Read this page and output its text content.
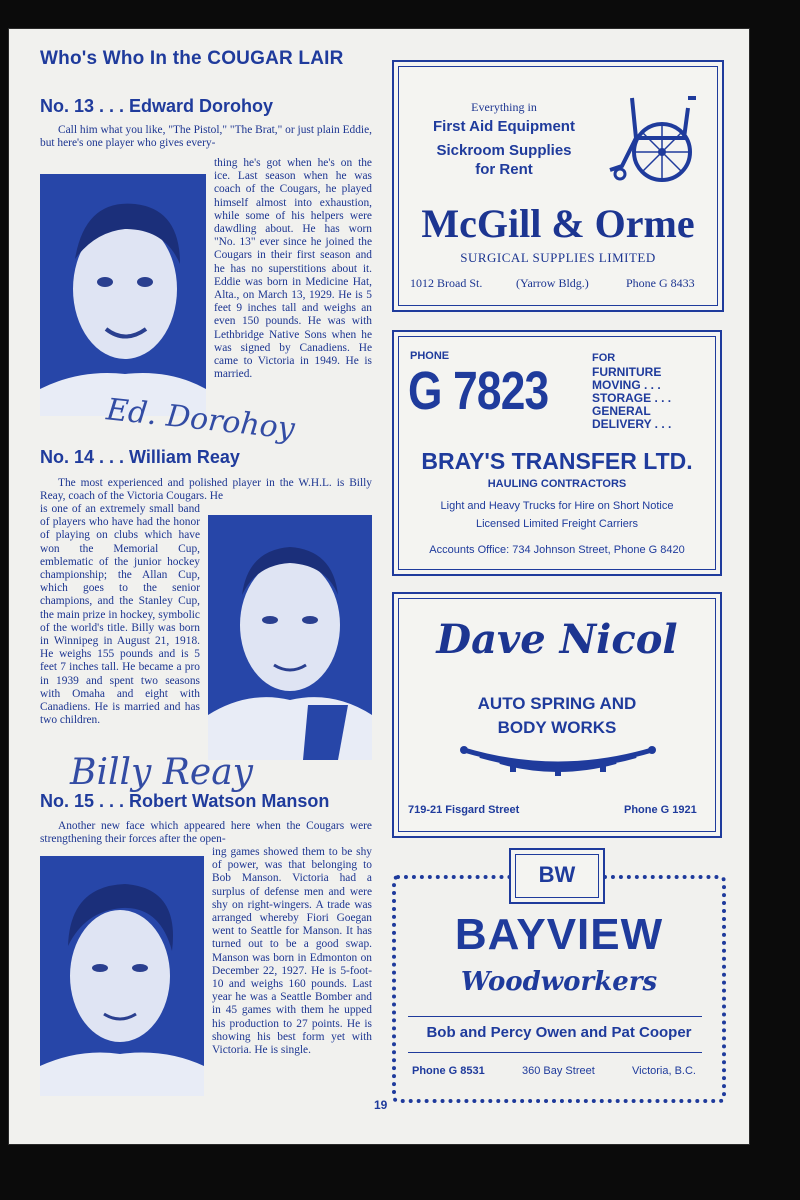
Who's Who In the COUGAR LAIR
No. 13 . . . Edward Dorohoy
Call him what you like, "The Pistol," "The Brat," or just plain Eddie, but here's one player who gives every-
thing he's got when he's on the ice. Last season when he was coach of the Cougars, he played himself almost into exhaustion, while some of his helpers were dawdling about. He has worn "No. 13" ever since he joined the Cougars in their first season and he has no superstitions about it. Eddie was born in Medicine Hat, Alta., on March 13, 1929. He is 5 feet 9 inches tall and weighs an even 150 pounds. He was with Lethbridge Native Sons when he was signed by Canadiens. He came to Victoria in 1949. He is married.
Ed. Dorohoy
No. 14 . . . William Reay
The most experienced and polished player in the W.H.L. is Billy Reay, coach of the Victoria Cougars. He
is one of an extremely small band of players who have had the honor of playing on clubs which have won the Memorial Cup, emblematic of the junior hockey championship; the Allan Cup, which goes to the senior champions, and the Stanley Cup, the main prize in hockey, symbolic of the world's title. Billy was born in Winnipeg in August 21, 1918. He weighs 155 pounds and is 5 feet 7 inches tall. He became a pro in 1939 and spent two seasons with Omaha and eight with Canadiens. He is married and has two children.
Billy Reay
No. 15 . . . Robert Watson Manson
Another new face which appeared here when the Cougars were strengthening their forces after the open-
ing games showed them to be shy of power, was that belonging to Bob Manson. Victoria had a surplus of defense men and were shy on right-wingers. A trade was arranged whereby Fiori Goegan went to Seattle for Manson. It has turned out to be a good swap. Manson was born in Edmonton on December 22, 1927. He is 5-foot-10 and weighs 160 pounds. Last year he was a Seattle Bomber and in 45 games with them he upped his production to 27 points. He is showing his best form yet with Victoria. He is single.
Everything in
First Aid Equipment
Sickroom Supplies
for Rent
McGill & Orme
SURGICAL SUPPLIES LIMITED
1012 Broad St.	(Yarrow Bldg.)	Phone G 8433
PHONE
G 7823
FOR
FURNITURE
MOVING . . .
STORAGE . . .
GENERAL
DELIVERY . . .
BRAY'S TRANSFER LTD.
HAULING CONTRACTORS
Light and Heavy Trucks for Hire on Short Notice
Licensed Limited Freight Carriers
Accounts Office: 734 Johnson Street, Phone G 8420
Dave Nicol
AUTO SPRING AND
BODY WORKS
719-21 Fisgard Street	Phone G 1921
BW
BAYVIEW
Woodworkers
Bob and Percy Owen and Pat Cooper
Phone G 8531	360 Bay Street	Victoria, B.C.
19
